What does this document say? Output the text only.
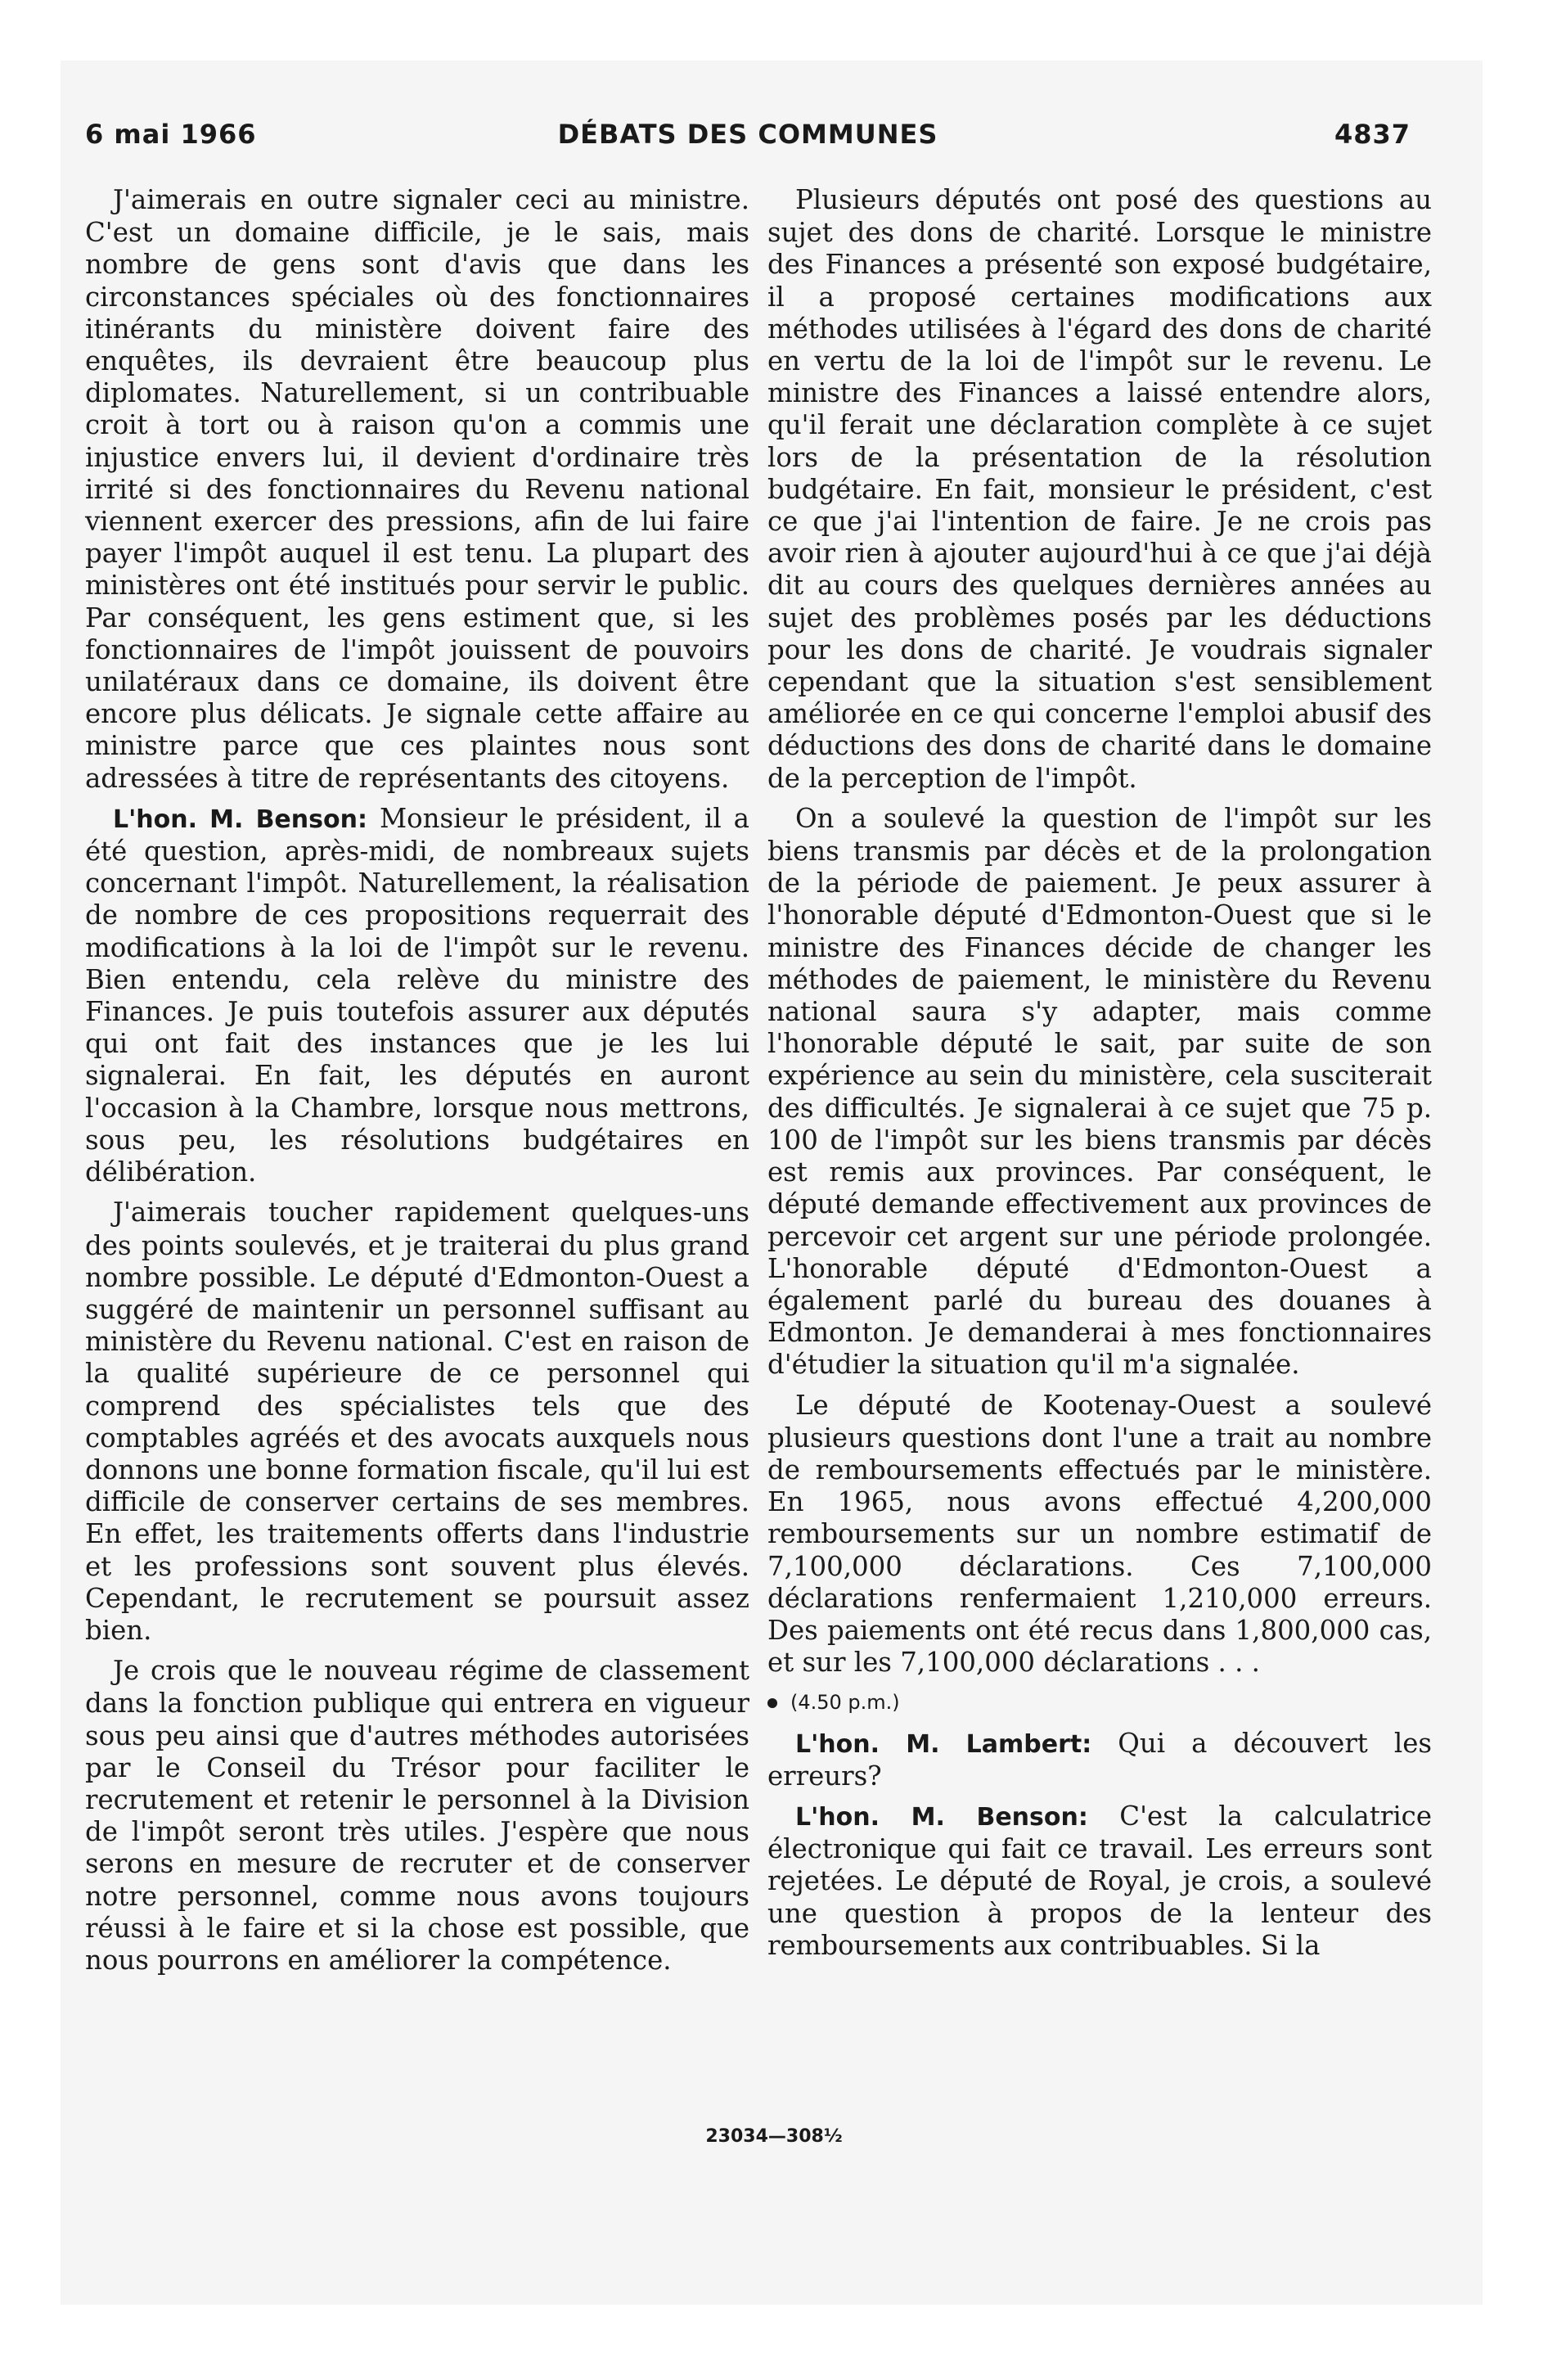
6 mai 1966	DÉBATS DES COMMUNES	4837

J'aimerais en outre signaler ceci au ministre. C'est un domaine difficile, je le sais, mais nombre de gens sont d'avis que dans les circonstances spéciales où des fonctionnaires itinérants du ministère doivent faire des enquêtes, ils devraient être beaucoup plus diplomates. Naturellement, si un contribuable croit à tort ou à raison qu'on a commis une injustice envers lui, il devient d'ordinaire très irrité si des fonctionnaires du Revenu national viennent exercer des pressions, afin de lui faire payer l'impôt auquel il est tenu. La plupart des ministères ont été institués pour servir le public. Par conséquent, les gens estiment que, si les fonctionnaires de l'impôt jouissent de pouvoirs unilatéraux dans ce domaine, ils doivent être encore plus délicats. Je signale cette affaire au ministre parce que ces plaintes nous sont adressées à titre de représentants des citoyens.

L'hon. M. Benson: Monsieur le président, il a été question, après-midi, de nombreaux sujets concernant l'impôt. Naturellement, la réalisation de nombre de ces propositions requerrait des modifications à la loi de l'impôt sur le revenu. Bien entendu, cela relève du ministre des Finances. Je puis toutefois assurer aux députés qui ont fait des instances que je les lui signalerai. En fait, les députés en auront l'occasion à la Chambre, lorsque nous mettrons, sous peu, les résolutions budgétaires en délibération.

J'aimerais toucher rapidement quelques-uns des points soulevés, et je traiterai du plus grand nombre possible. Le député d'Edmonton-Ouest a suggéré de maintenir un personnel suffisant au ministère du Revenu national. C'est en raison de la qualité supérieure de ce personnel qui comprend des spécialistes tels que des comptables agréés et des avocats auxquels nous donnons une bonne formation fiscale, qu'il lui est difficile de conserver certains de ses membres. En effet, les traitements offerts dans l'industrie et les professions sont souvent plus élevés. Cependant, le recrutement se poursuit assez bien.

Je crois que le nouveau régime de classement dans la fonction publique qui entrera en vigueur sous peu ainsi que d'autres méthodes autorisées par le Conseil du Trésor pour faciliter le recrutement et retenir le personnel à la Division de l'impôt seront très utiles. J'espère que nous serons en mesure de recruter et de conserver notre personnel, comme nous avons toujours réussi à le faire et si la chose est possible, que nous pourrons en améliorer la compétence.

Plusieurs députés ont posé des questions au sujet des dons de charité. Lorsque le ministre des Finances a présenté son exposé budgétaire, il a proposé certaines modifications aux méthodes utilisées à l'égard des dons de charité en vertu de la loi de l'impôt sur le revenu. Le ministre des Finances a laissé entendre alors, qu'il ferait une déclaration complète à ce sujet lors de la présentation de la résolution budgétaire. En fait, monsieur le président, c'est ce que j'ai l'intention de faire. Je ne crois pas avoir rien à ajouter aujourd'hui à ce que j'ai déjà dit au cours des quelques dernières années au sujet des problèmes posés par les déductions pour les dons de charité. Je voudrais signaler cependant que la situation s'est sensiblement améliorée en ce qui concerne l'emploi abusif des déductions des dons de charité dans le domaine de la perception de l'impôt.

On a soulevé la question de l'impôt sur les biens transmis par décès et de la prolongation de la période de paiement. Je peux assurer à l'honorable député d'Edmonton-Ouest que si le ministre des Finances décide de changer les méthodes de paiement, le ministère du Revenu national saura s'y adapter, mais comme l'honorable député le sait, par suite de son expérience au sein du ministère, cela susciterait des difficultés. Je signalerai à ce sujet que 75 p. 100 de l'impôt sur les biens transmis par décès est remis aux provinces. Par conséquent, le député demande effectivement aux provinces de percevoir cet argent sur une période prolongée. L'honorable député d'Edmonton-Ouest a également parlé du bureau des douanes à Edmonton. Je demanderai à mes fonctionnaires d'étudier la situation qu'il m'a signalée.

Le député de Kootenay-Ouest a soulevé plusieurs questions dont l'une a trait au nombre de remboursements effectués par le ministère. En 1965, nous avons effectué 4,200,000 remboursements sur un nombre estimatif de 7,100,000 déclarations. Ces 7,100,000 déclarations renfermaient 1,210,000 erreurs. Des paiements ont été recus dans 1,800,000 cas, et sur les 7,100,000 déclarations . . .

(4.50 p.m.)

L'hon. M. Lambert: Qui a découvert les erreurs?

L'hon. M. Benson: C'est la calculatrice électronique qui fait ce travail. Les erreurs sont rejetées. Le député de Royal, je crois, a soulevé une question à propos de la lenteur des remboursements aux contribuables. Si la

23034—308½
